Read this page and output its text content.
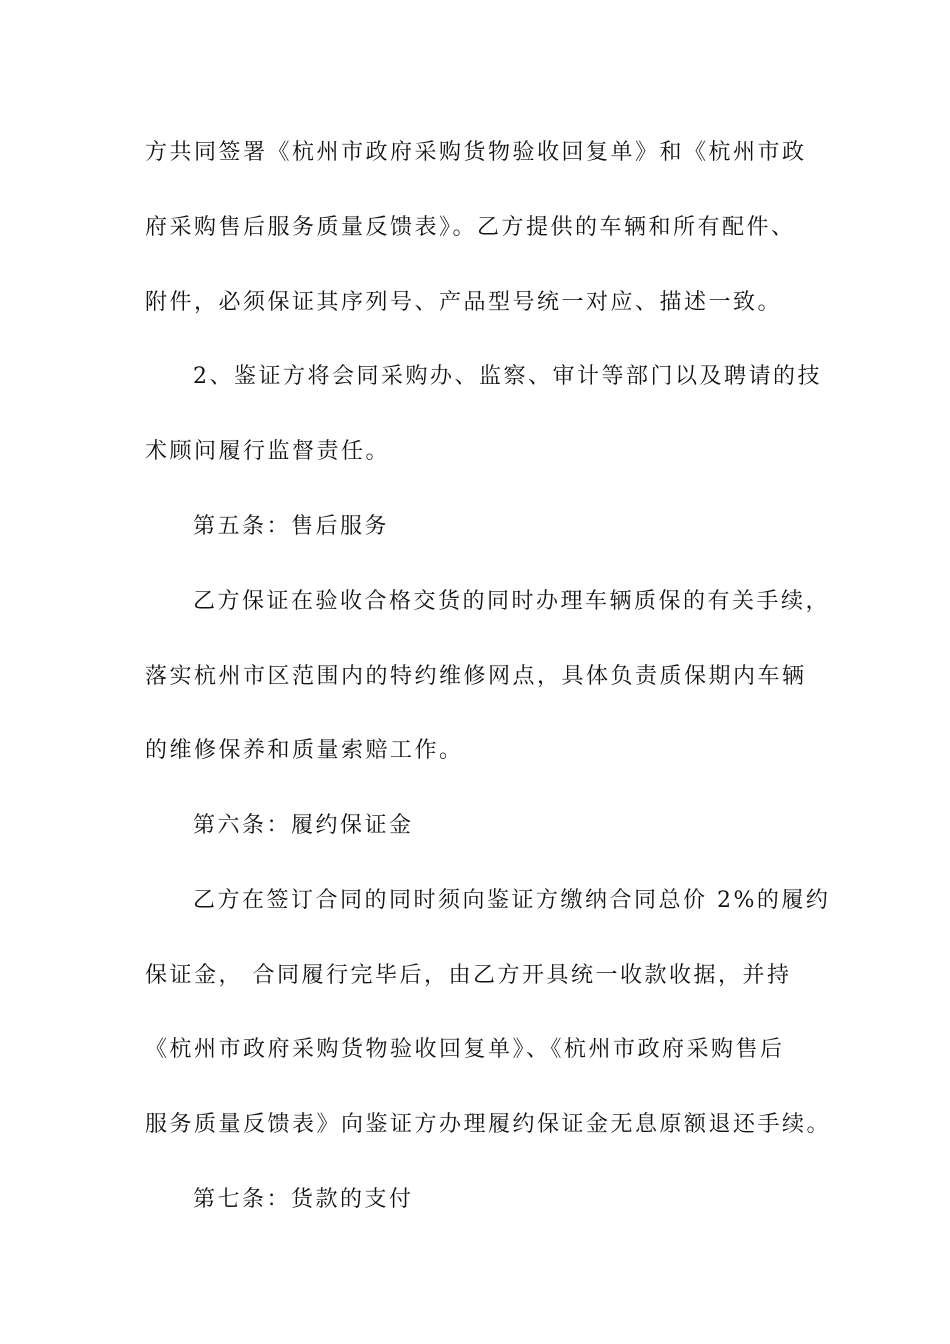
方共同签署《杭州市政府采购货物验收回复单》和《杭州市政
府采购售后服务质量反馈表》。乙方提供的车辆和所有配件、
附件，必须保证其序列号、产品型号统一对应、描述一致。
2、鉴证方将会同采购办、监察、审计等部门以及聘请的技
术顾问履行监督责任。
第五条：售后服务
乙方保证在验收合格交货的同时办理车辆质保的有关手续，
落实杭州市区范围内的特约维修网点，具体负责质保期内车辆
的维修保养和质量索赔工作。
第六条：履约保证金
乙方在签订合同的同时须向鉴证方缴纳合同总价 2%的履约
保证金， 合同履行完毕后，由乙方开具统一收款收据，并持
《杭州市政府采购货物验收回复单》、《杭州市政府采购售后
服务质量反馈表》向鉴证方办理履约保证金无息原额退还手续。
第七条：货款的支付
